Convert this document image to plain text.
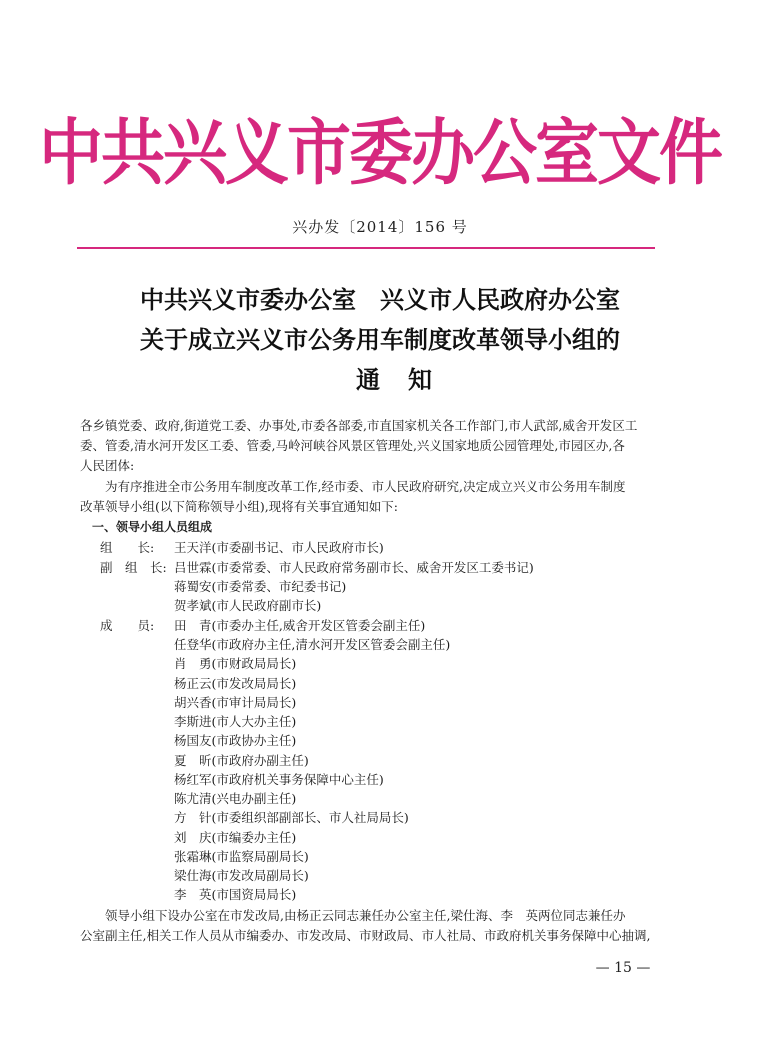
中共兴义市委办公室文件
兴办发〔2014〕156 号
中共兴义市委办公室　兴义市人民政府办公室
关于成立兴义市公务用车制度改革领导小组的
通知
各乡镇党委、政府,街道党工委、办事处,市委各部委,市直国家机关各工作部门,市人武部,威舍开发区工
委、管委,清水河开发区工委、管委,马岭河峡谷风景区管理处,兴义国家地质公园管理处,市园区办,各
人民团体:
　　为有序推进全市公务用车制度改革工作,经市委、市人民政府研究,决定成立兴义市公务用车制度
改革领导小组(以下简称领导小组),现将有关事宜通知如下:
　一、领导小组人员组成
组　　长: 王天洋(市委副书记、市人民政府市长)
副　组　长: 吕世霖(市委常委、市人民政府常务副市长、威舍开发区工委书记)
蒋蜀安(市委常委、市纪委书记)
贺孝斌(市人民政府副市长)
成　　员: 田　青(市委办主任,威舍开发区管委会副主任)
任登华(市政府办主任,清水河开发区管委会副主任)
肖　勇(市财政局局长)
杨正云(市发改局局长)
胡兴香(市审计局局长)
李斯进(市人大办主任)
杨国友(市政协办主任)
夏　昕(市政府办副主任)
杨红军(市政府机关事务保障中心主任)
陈尤清(兴电办副主任)
方　针(市委组织部副部长、市人社局局长)
刘　庆(市编委办主任)
张霜琳(市监察局副局长)
梁仕海(市发改局副局长)
李　英(市国资局局长)
　　领导小组下设办公室在市发改局,由杨正云同志兼任办公室主任,梁仕海、李　英两位同志兼任办
公室副主任,相关工作人员从市编委办、市发改局、市财政局、市人社局、市政府机关事务保障中心抽调,
— 15 —
